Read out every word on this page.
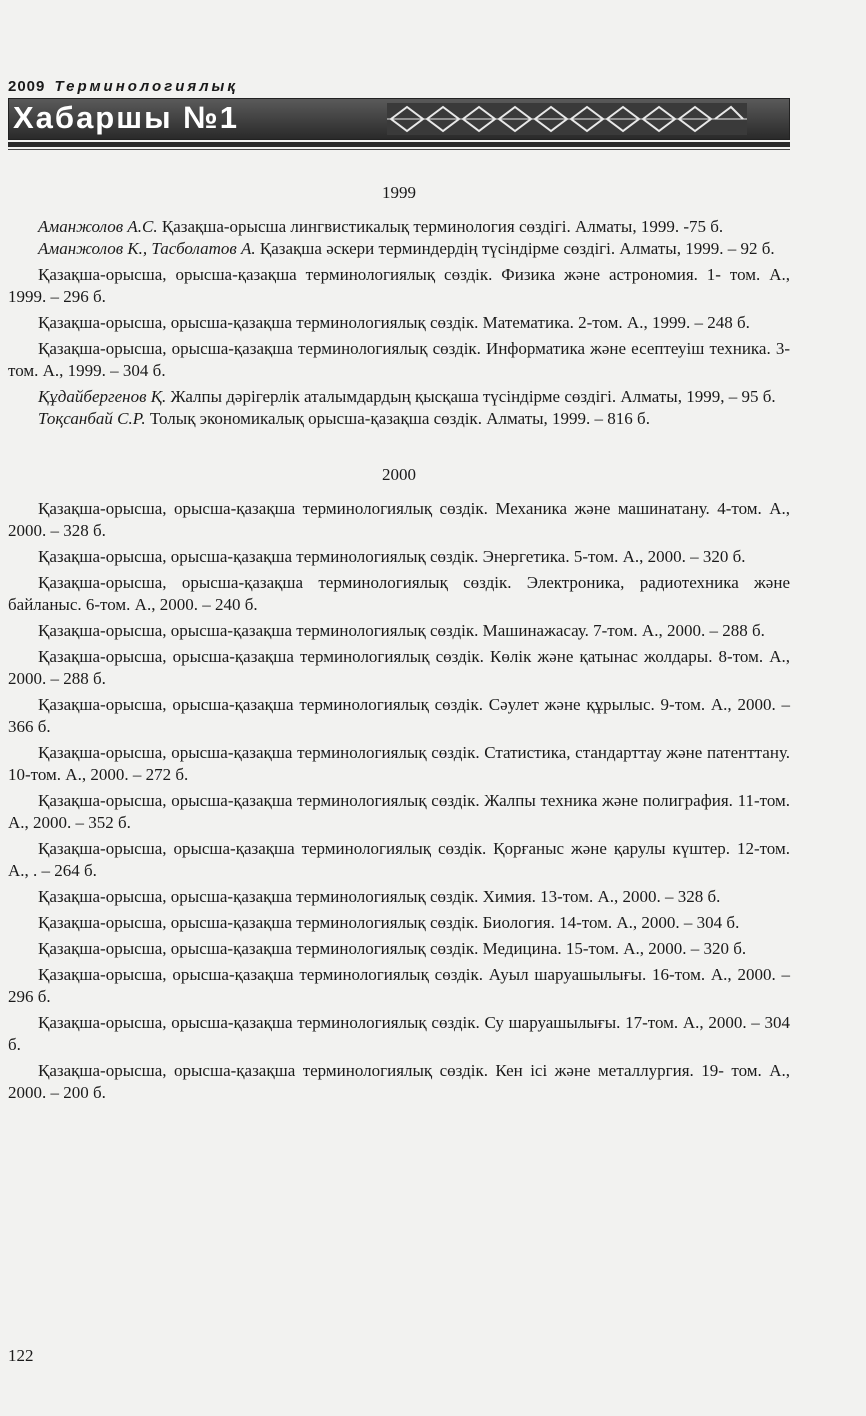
2009 Терминологиялық
Хабаршы №1
1999

Аманжолов А.С. Қазақша-орысша лингвистикалық терминология сөздігі. Алматы, 1999. -75 б.

Аманжолов К., Тасболатов А. Қазақша әскери терминдердің түсіндірме сөздігі. Алматы, 1999. – 92 б.

Қазақша-орысша, орысша-қазақша терминологиялық сөздік. Физика және астрономия. 1- том. А., 1999. – 296 б.

Қазақша-орысша, орысша-қазақша терминологиялық сөздік. Математика. 2-том. А., 1999. – 248 б.

Қазақша-орысша, орысша-қазақша терминологиялық сөздік. Информатика және есептеуіш техника. 3-том. А., 1999. – 304 б.

Құдайбергенов Қ. Жалпы дәрігерлік аталымдардың қысқаша түсіндірме сөздігі. Алматы, 1999, – 95 б.

Тоқсанбай С.Р. Толық экономикалық орысша-қазақша сөздік. Алматы, 1999. – 816 б.

2000

Қазақша-орысша, орысша-қазақша терминологиялық сөздік. Механика және машинатану. 4-том. А., 2000. – 328 б.

Қазақша-орысша, орысша-қазақша терминологиялық сөздік. Энергетика. 5-том. А., 2000. – 320 б.

Қазақша-орысша, орысша-қазақша терминологиялық сөздік. Электроника, радиотехника және байланыс. 6-том. А., 2000. – 240 б.

Қазақша-орысша, орысша-қазақша терминологиялық сөздік. Машинажасау. 7-том. А., 2000. – 288 б.

Қазақша-орысша, орысша-қазақша терминологиялық сөздік. Көлік және қатынас жолдары. 8-том. А., 2000. – 288 б.

Қазақша-орысша, орысша-қазақша терминологиялық сөздік. Сәулет және құрылыс. 9-том. А., 2000. – 366 б.

Қазақша-орысша, орысша-қазақша терминологиялық сөздік. Статистика, стандарттау және патенттану. 10-том. А., 2000. – 272 б.

Қазақша-орысша, орысша-қазақша терминологиялық сөздік. Жалпы техника және полиграфия. 11-том. А., 2000. – 352 б.

Қазақша-орысша, орысша-қазақша терминологиялық сөздік. Қорғаныс және қарулы күштер. 12-том. А., . – 264 б.

Қазақша-орысша, орысша-қазақша терминологиялық сөздік. Химия. 13-том. А., 2000. – 328 б.

Қазақша-орысша, орысша-қазақша терминологиялық сөздік. Биология. 14-том. А., 2000. – 304 б.

Қазақша-орысша, орысша-қазақша терминологиялық сөздік. Медицина. 15-том. А., 2000. – 320 б.

Қазақша-орысша, орысша-қазақша терминологиялық сөздік. Ауыл шаруашылығы. 16-том. А., 2000. – 296 б.

Қазақша-орысша, орысша-қазақша терминологиялық сөздік. Су шаруашылығы. 17-том. А., 2000. – 304 б.

Қазақша-орысша, орысша-қазақша терминологиялық сөздік. Кен ісі және металлургия. 19- том. А., 2000. – 200 б.

122
